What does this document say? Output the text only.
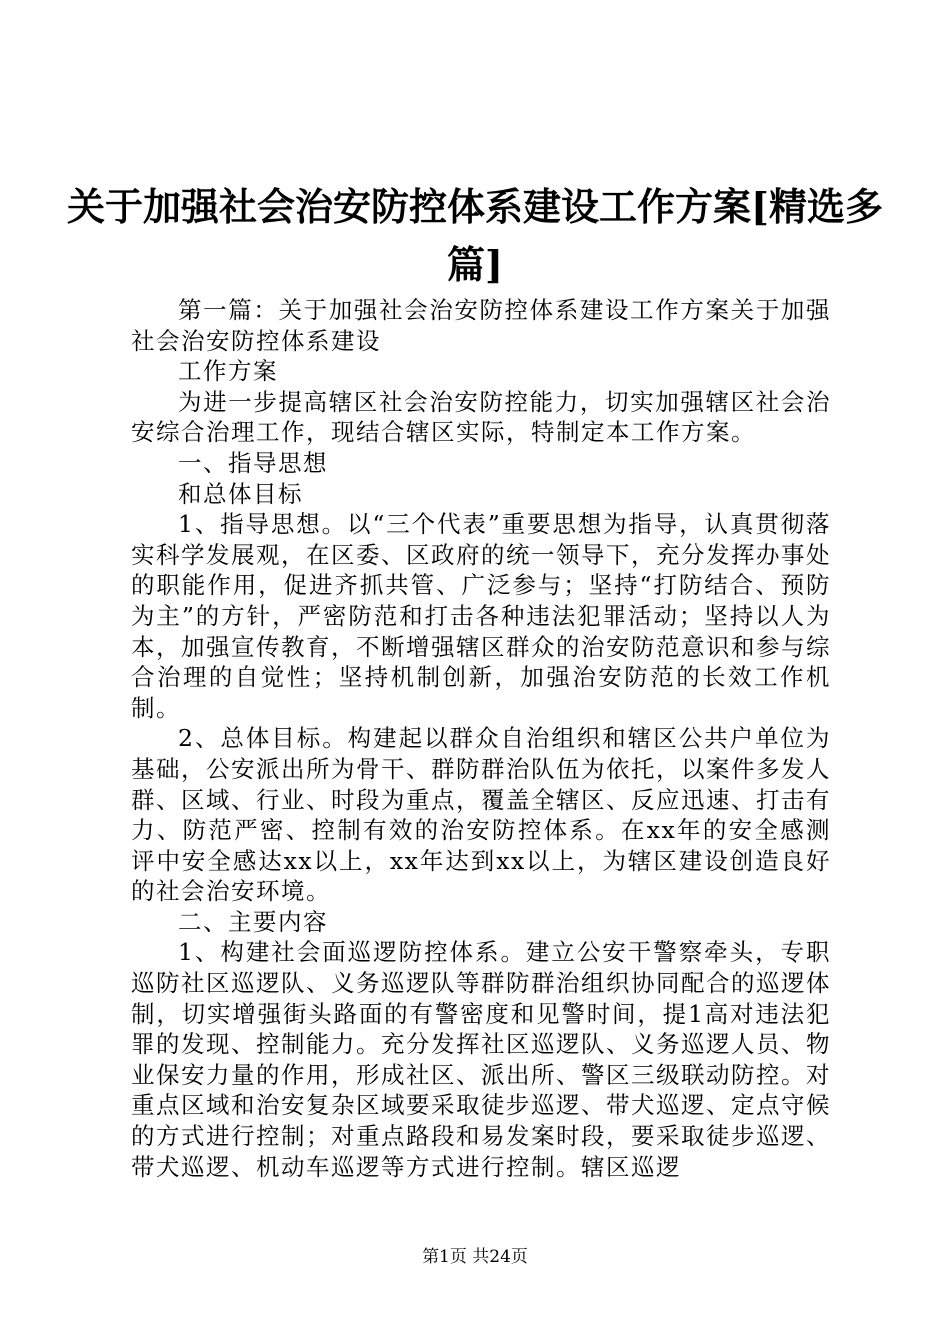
关于加强社会治安防控体系建设工作方案[精选多篇]

第一篇：关于加强社会治安防控体系建设工作方案关于加强社会治安防控体系建设

工作方案

为进一步提高辖区社会治安防控能力，切实加强辖区社会治安综合治理工作，现结合辖区实际，特制定本工作方案。

一、指导思想

和总体目标

1、指导思想。以“三个代表”重要思想为指导，认真贯彻落实科学发展观，在区委、区政府的统一领导下，充分发挥办事处的职能作用，促进齐抓共管、广泛参与；坚持“打防结合、预防为主”的方针，严密防范和打击各种违法犯罪活动；坚持以人为本，加强宣传教育，不断增强辖区群众的治安防范意识和参与综合治理的自觉性；坚持机制创新，加强治安防范的长效工作机制。

2、总体目标。构建起以群众自治组织和辖区公共户单位为基础，公安派出所为骨干、群防群治队伍为依托，以案件多发人群、区域、行业、时段为重点，覆盖全辖区、反应迅速、打击有力、防范严密、控制有效的治安防控体系。在xx年的安全感测评中安全感达xx以上，xx年达到xx以上，为辖区建设创造良好的社会治安环境。

二、主要内容

1、构建社会面巡逻防控体系。建立公安干警察牵头，专职巡防社区巡逻队、义务巡逻队等群防群治组织协同配合的巡逻体制，切实增强街头路面的有警密度和见警时间，提1高对违法犯罪的发现、控制能力。充分发挥社区巡逻队、义务巡逻人员、物业保安力量的作用，形成社区、派出所、警区三级联动防控。对重点区域和治安复杂区域要采取徒步巡逻、带犬巡逻、定点守候的方式进行控制；对重点路段和易发案时段，要采取徒步巡逻、带犬巡逻、机动车巡逻等方式进行控制。辖区巡逻

第1页 共24页
